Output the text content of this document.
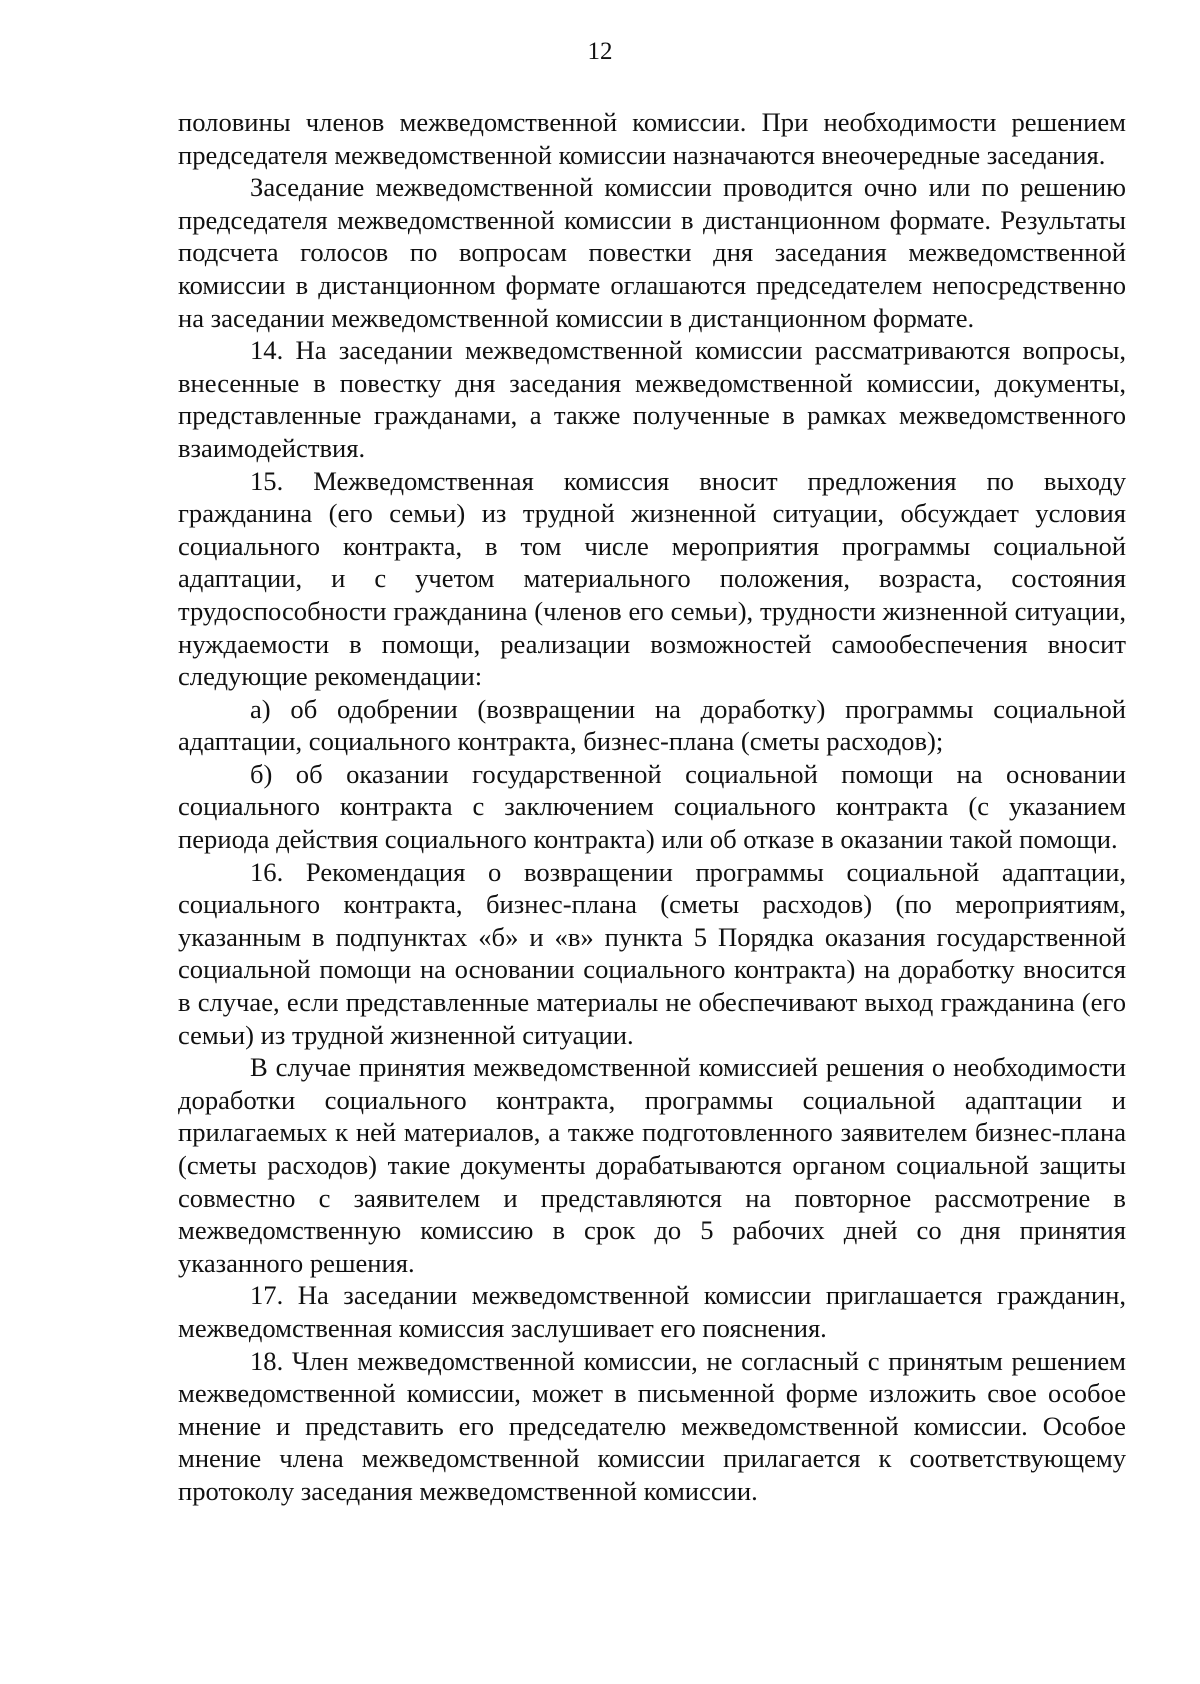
12

половины членов межведомственной комиссии. При необходимости решением председателя межведомственной комиссии назначаются внеочередные заседания.

Заседание межведомственной комиссии проводится очно или по решению председателя межведомственной комиссии в дистанционном формате. Результаты подсчета голосов по вопросам повестки дня заседания межведомственной комиссии в дистанционном формате оглашаются председателем непосредственно на заседании межведомственной комиссии в дистанционном формате.

14. На заседании межведомственной комиссии рассматриваются вопросы, внесенные в повестку дня заседания межведомственной комиссии, документы, представленные гражданами, а также полученные в рамках межведомственного взаимодействия.

15. Межведомственная комиссия вносит предложения по выходу гражданина (его семьи) из трудной жизненной ситуации, обсуждает условия социального контракта, в том числе мероприятия программы социальной адаптации, и с учетом материального положения, возраста, состояния трудоспособности гражданина (членов его семьи), трудности жизненной ситуации, нуждаемости в помощи, реализации возможностей самообеспечения вносит следующие рекомендации:

а) об одобрении (возвращении на доработку) программы социальной адаптации, социального контракта, бизнес-плана (сметы расходов);

б) об оказании государственной социальной помощи на основании социального контракта с заключением социального контракта (с указанием периода действия социального контракта) или об отказе в оказании такой помощи.

16. Рекомендация о возвращении программы социальной адаптации, социального контракта, бизнес-плана (сметы расходов) (по мероприятиям, указанным в подпунктах «б» и «в» пункта 5 Порядка оказания государственной социальной помощи на основании социального контракта) на доработку вносится в случае, если представленные материалы не обеспечивают выход гражданина (его семьи) из трудной жизненной ситуации.

В случае принятия межведомственной комиссией решения о необходимости доработки социального контракта, программы социальной адаптации и прилагаемых к ней материалов, а также подготовленного заявителем бизнес-плана (сметы расходов) такие документы дорабатываются органом социальной защиты совместно с заявителем и представляются на повторное рассмотрение в межведомственную комиссию в срок до 5 рабочих дней со дня принятия указанного решения.

17. На заседании межведомственной комиссии приглашается гражданин, межведомственная комиссия заслушивает его пояснения.

18. Член межведомственной комиссии, не согласный с принятым решением межведомственной комиссии, может в письменной форме изложить свое особое мнение и представить его председателю межведомственной комиссии. Особое мнение члена межведомственной комиссии прилагается к соответствующему протоколу заседания межведомственной комиссии.
